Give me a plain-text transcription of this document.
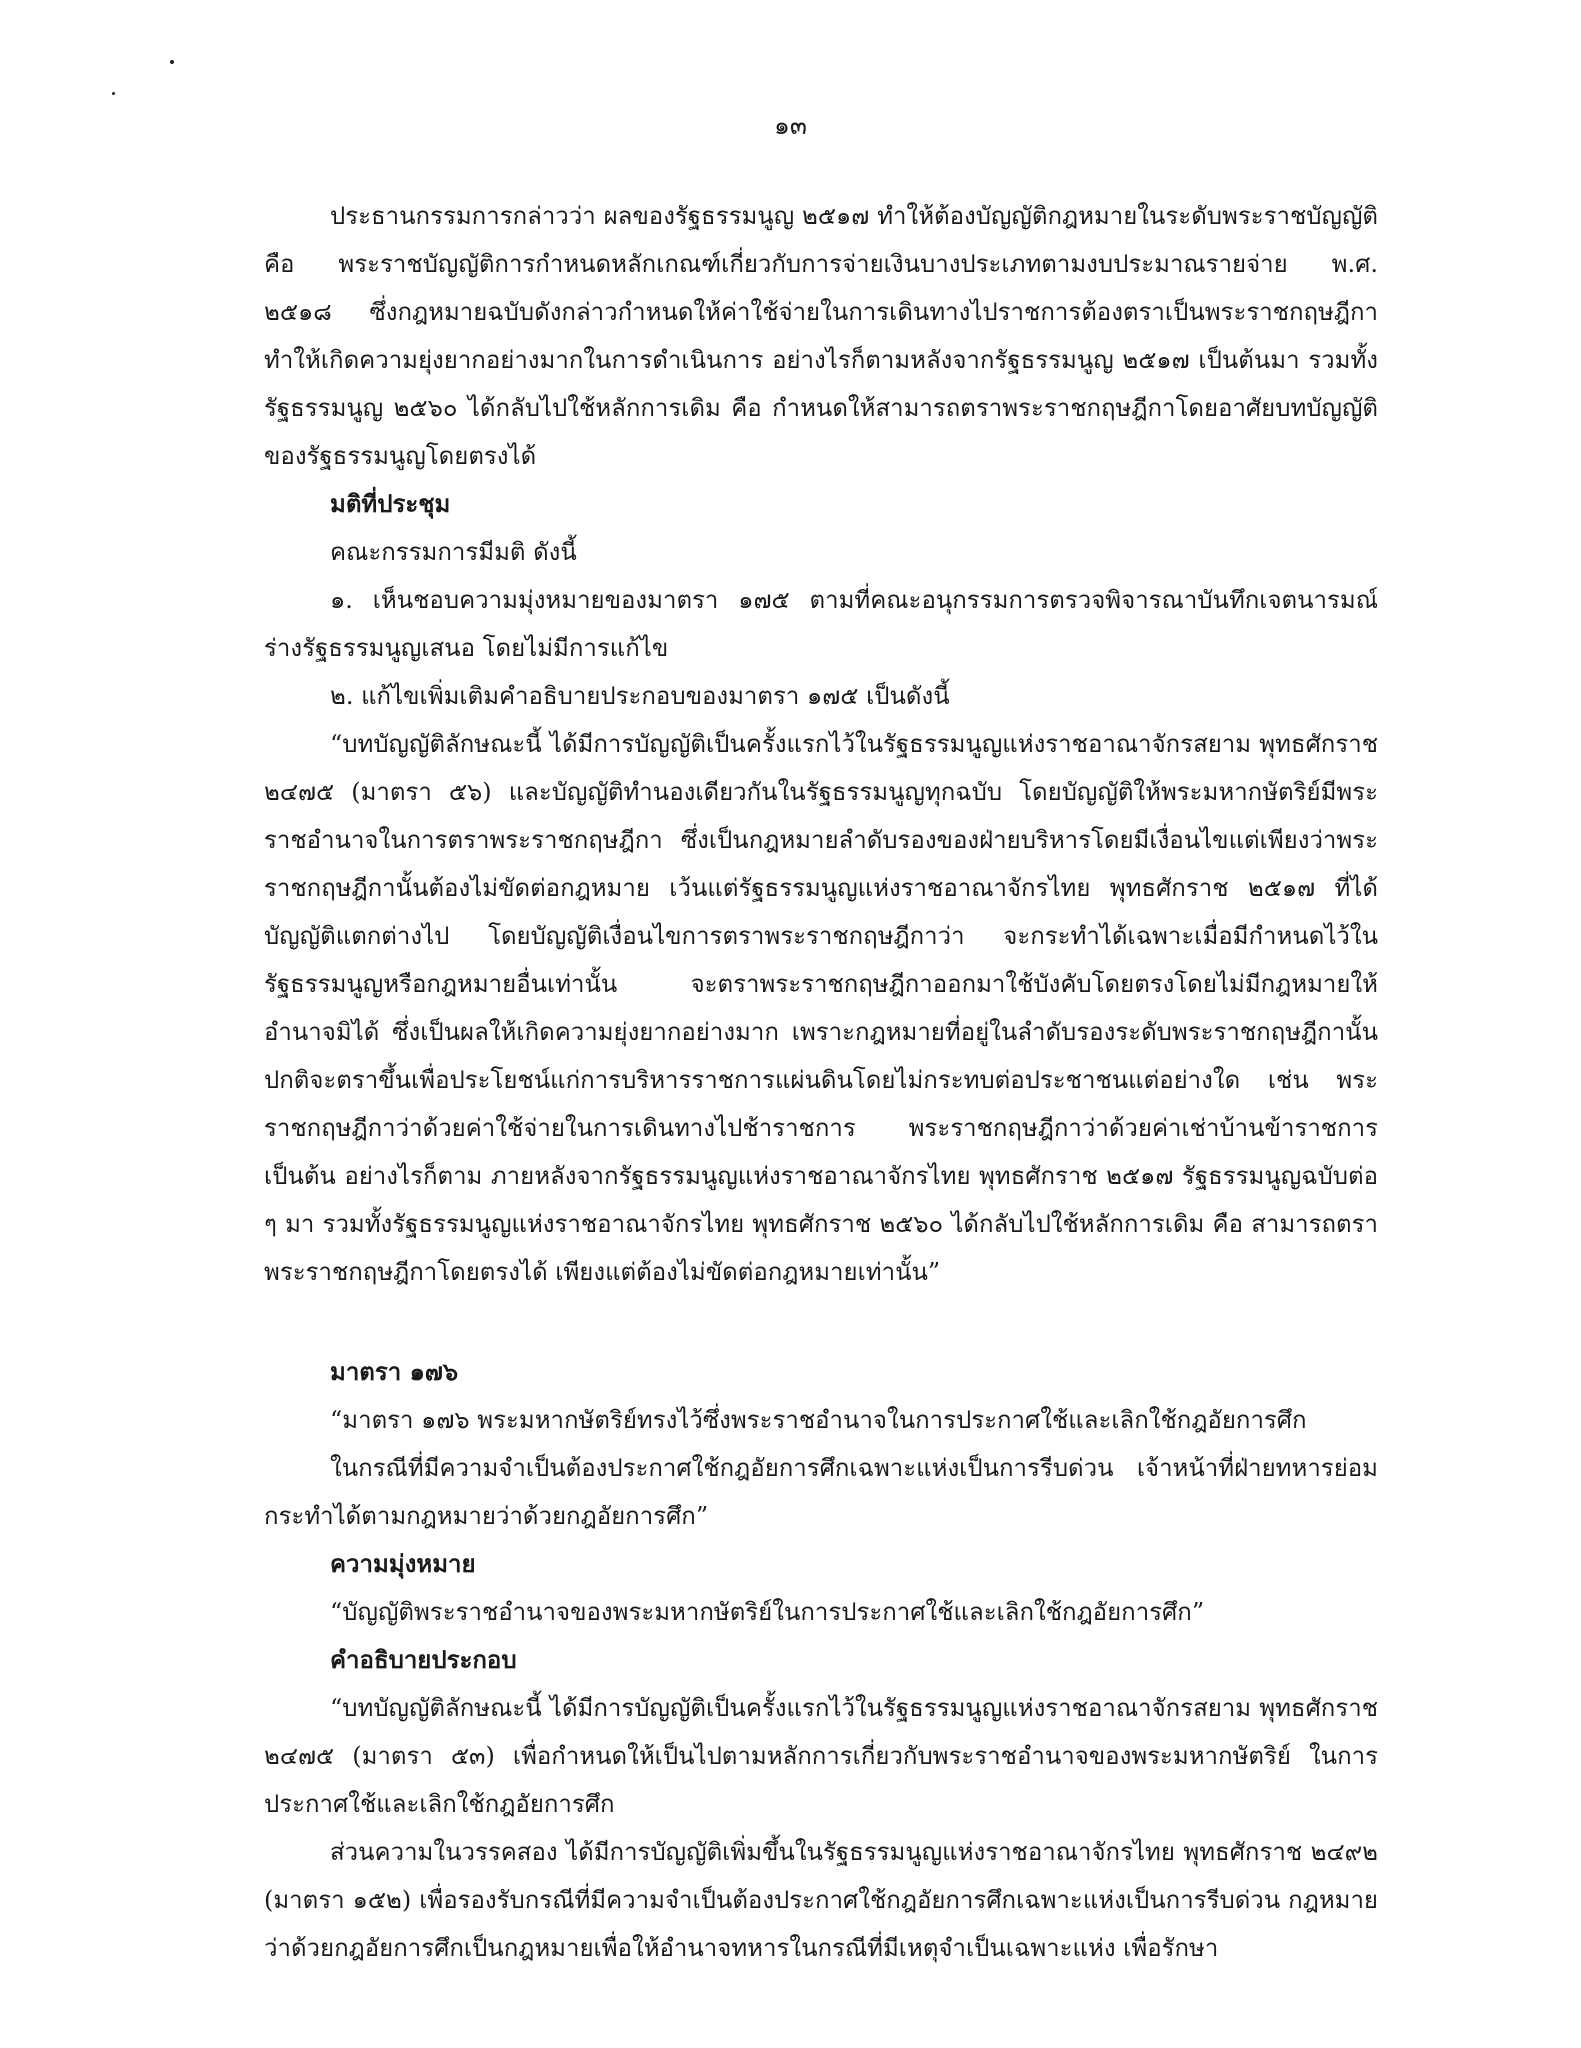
๑๓

ประธานกรรมการกล่าวว่า ผลของรัฐธรรมนูญ ๒๕๑๗ ทำให้ต้องบัญญัติกฎหมายในระดับพระราชบัญญัติ คือ พระราชบัญญัติการกำหนดหลักเกณฑ์เกี่ยวกับการจ่ายเงินบางประเภทตามงบประมาณรายจ่าย พ.ศ. ๒๕๑๘ ซึ่งกฎหมายฉบับดังกล่าวกำหนดให้ค่าใช้จ่ายในการเดินทางไปราชการต้องตราเป็นพระราชกฤษฎีกา ทำให้เกิดความยุ่งยากอย่างมากในการดำเนินการ อย่างไรก็ตามหลังจากรัฐธรรมนูญ ๒๕๑๗ เป็นต้นมา รวมทั้งรัฐธรรมนูญ ๒๕๖๐ ได้กลับไปใช้หลักการเดิม คือ กำหนดให้สามารถตราพระราชกฤษฎีกาโดยอาศัยบทบัญญัติของรัฐธรรมนูญโดยตรงได้

มติที่ประชุม

คณะกรรมการมีมติ ดังนี้

๑. เห็นชอบความมุ่งหมายของมาตรา ๑๗๕ ตามที่คณะอนุกรรมการตรวจพิจารณาบันทึกเจตนารมณ์ร่างรัฐธรรมนูญเสนอ โดยไม่มีการแก้ไข

๒. แก้ไขเพิ่มเติมคำอธิบายประกอบของมาตรา ๑๗๕ เป็นดังนี้

“บทบัญญัติลักษณะนี้ ได้มีการบัญญัติเป็นครั้งแรกไว้ในรัฐธรรมนูญแห่งราชอาณาจักรสยาม พุทธศักราช ๒๔๗๕ (มาตรา ๕๖) และบัญญัติทำนองเดียวกันในรัฐธรรมนูญทุกฉบับ โดยบัญญัติให้พระมหากษัตริย์มีพระราชอำนาจในการตราพระราชกฤษฎีกา ซึ่งเป็นกฎหมายลำดับรองของฝ่ายบริหารโดยมีเงื่อนไขแต่เพียงว่าพระราชกฤษฎีกานั้นต้องไม่ขัดต่อกฎหมาย เว้นแต่รัฐธรรมนูญแห่งราชอาณาจักรไทย พุทธศักราช ๒๕๑๗ ที่ได้บัญญัติแตกต่างไป โดยบัญญัติเงื่อนไขการตราพระราชกฤษฎีกาว่า จะกระทำได้เฉพาะเมื่อมีกำหนดไว้ในรัฐธรรมนูญหรือกฎหมายอื่นเท่านั้น จะตราพระราชกฤษฎีกาออกมาใช้บังคับโดยตรงโดยไม่มีกฎหมายให้อำนาจมิได้ ซึ่งเป็นผลให้เกิดความยุ่งยากอย่างมาก เพราะกฎหมายที่อยู่ในลำดับรองระดับพระราชกฤษฎีกานั้น ปกติจะตราขึ้นเพื่อประโยชน์แก่การบริหารราชการแผ่นดินโดยไม่กระทบต่อประชาชนแต่อย่างใด เช่น พระราชกฤษฎีกาว่าด้วยค่าใช้จ่ายในการเดินทางไปช้าราชการ พระราชกฤษฎีกาว่าด้วยค่าเช่าบ้านข้าราชการ เป็นต้น อย่างไรก็ตาม ภายหลังจากรัฐธรรมนูญแห่งราชอาณาจักรไทย พุทธศักราช ๒๕๑๗ รัฐธรรมนูญฉบับต่อ ๆ มา รวมทั้งรัฐธรรมนูญแห่งราชอาณาจักรไทย พุทธศักราช ๒๕๖๐ ได้กลับไปใช้หลักการเดิม คือ สามารถตราพระราชกฤษฎีกาโดยตรงได้ เพียงแต่ต้องไม่ขัดต่อกฎหมายเท่านั้น”

มาตรา ๑๗๖

“มาตรา ๑๗๖ พระมหากษัตริย์ทรงไว้ซึ่งพระราชอำนาจในการประกาศใช้และเลิกใช้กฎอัยการศึก

ในกรณีที่มีความจำเป็นต้องประกาศใช้กฎอัยการศึกเฉพาะแห่งเป็นการรีบด่วน เจ้าหน้าที่ฝ่ายทหารย่อมกระทำได้ตามกฎหมายว่าด้วยกฎอัยการศึก”

ความมุ่งหมาย

“บัญญัติพระราชอำนาจของพระมหากษัตริย์ในการประกาศใช้และเลิกใช้กฎอัยการศึก”

คำอธิบายประกอบ

“บทบัญญัติลักษณะนี้ ได้มีการบัญญัติเป็นครั้งแรกไว้ในรัฐธรรมนูญแห่งราชอาณาจักรสยาม พุทธศักราช ๒๔๗๕ (มาตรา ๕๓) เพื่อกำหนดให้เป็นไปตามหลักการเกี่ยวกับพระราชอำนาจของพระมหากษัตริย์ ในการประกาศใช้และเลิกใช้กฎอัยการศึก

ส่วนความในวรรคสอง ได้มีการบัญญัติเพิ่มขึ้นในรัฐธรรมนูญแห่งราชอาณาจักรไทย พุทธศักราช ๒๔๙๒ (มาตรา ๑๕๒) เพื่อรองรับกรณีที่มีความจำเป็นต้องประกาศใช้กฎอัยการศึกเฉพาะแห่งเป็นการรีบด่วน กฎหมายว่าด้วยกฎอัยการศึกเป็นกฎหมายเพื่อให้อำนาจทหารในกรณีที่มีเหตุจำเป็นเฉพาะแห่ง เพื่อรักษา
